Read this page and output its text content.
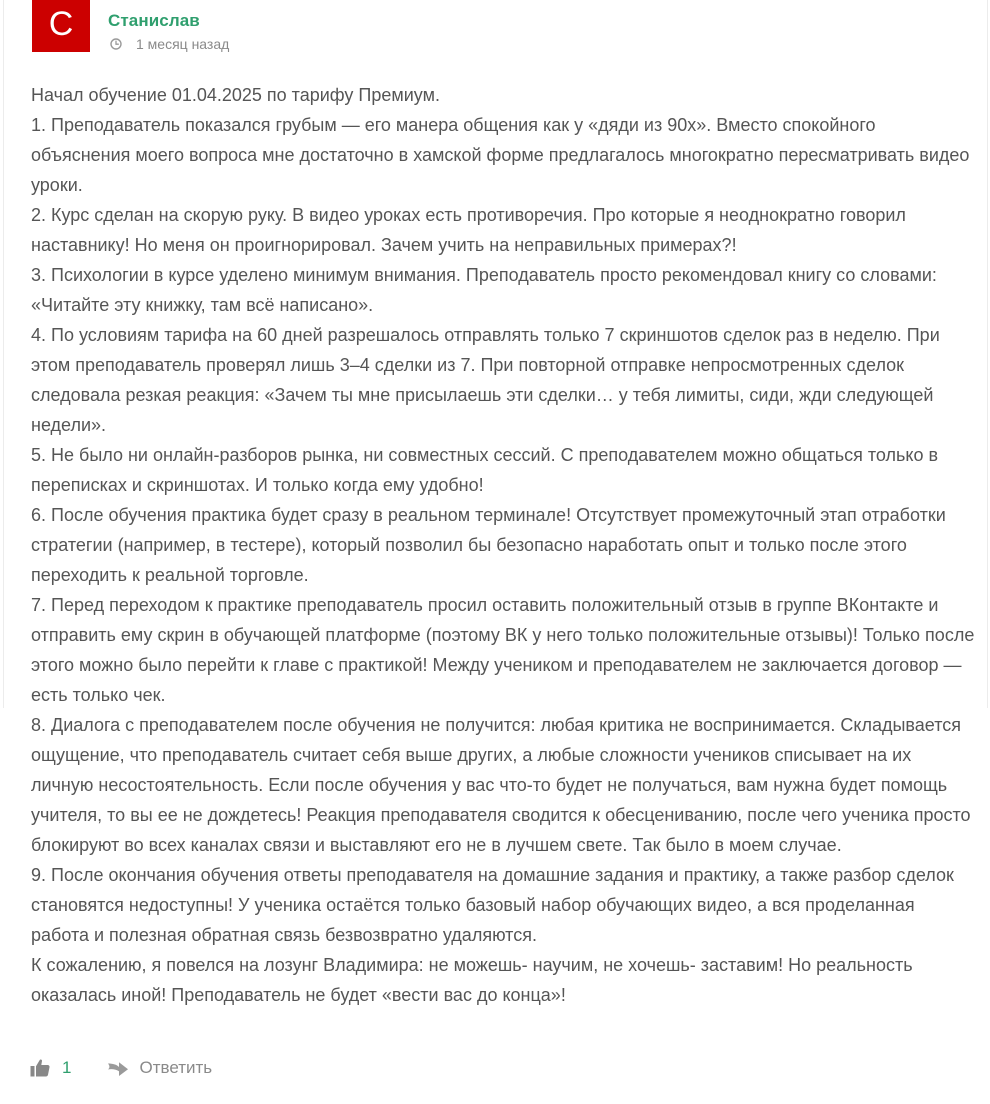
С	Станислав
1 месяц назад

Начал обучение 01.04.2025 по тарифу Премиум.

1. Преподаватель показался грубым — его манера общения как у «дяди из 90х». Вместо спокойного объяснения моего вопроса мне достаточно в хамской форме предлагалось многократно пересматривать видео уроки.

2. Курс сделан на скорую руку. В видео уроках есть противоречия. Про которые я неоднократно говорил наставнику! Но меня он проигнорировал. Зачем учить на неправильных примерах?!

3. Психологии в курсе уделено минимум внимания. Преподаватель просто рекомендовал книгу со словами: «Читайте эту книжку, там всё написано».

4. По условиям тарифа на 60 дней разрешалось отправлять только 7 скриншотов сделок раз в неделю. При этом преподаватель проверял лишь 3–4 сделки из 7. При повторной отправке непросмотренных сделок следовала резкая реакция: «Зачем ты мне присылаешь эти сделки… у тебя лимиты, сиди, жди следующей недели».

5. Не было ни онлайн-разборов рынка, ни совместных сессий. С преподавателем можно общаться только в переписках и скриншотах. И только когда ему удобно!

6. После обучения практика будет сразу в реальном терминале! Отсутствует промежуточный этап отработки стратегии (например, в тестере), который позволил бы безопасно наработать опыт и только после этого переходить к реальной торговле.

7. Перед переходом к практике преподаватель просил оставить положительный отзыв в группе ВКонтакте и отправить ему скрин в обучающей платформе (поэтому ВК у него только положительные отзывы)! Только после этого можно было перейти к главе с практикой! Между учеником и преподавателем не заключается договор — есть только чек.

8. Диалога с преподавателем после обучения не получится: любая критика не воспринимается. Складывается ощущение, что преподаватель считает себя выше других, а любые сложности учеников списывает на их личную несостоятельность. Если после обучения у вас что-то будет не получаться, вам нужна будет помощь учителя, то вы ее не дождетесь! Реакция преподавателя сводится к обесцениванию, после чего ученика просто блокируют во всех каналах связи и выставляют его не в лучшем свете. Так было в моем случае.

9. После окончания обучения ответы преподавателя на домашние задания и практику, а также разбор сделок становятся недоступны! У ученика остаётся только базовый набор обучающих видео, а вся проделанная работа и полезная обратная связь безвозвратно удаляются.

К сожалению, я повелся на лозунг Владимира: не можешь- научим, не хочешь- заставим! Но реальность оказалась иной! Преподаватель не будет «вести вас до конца»!

1	Ответить
